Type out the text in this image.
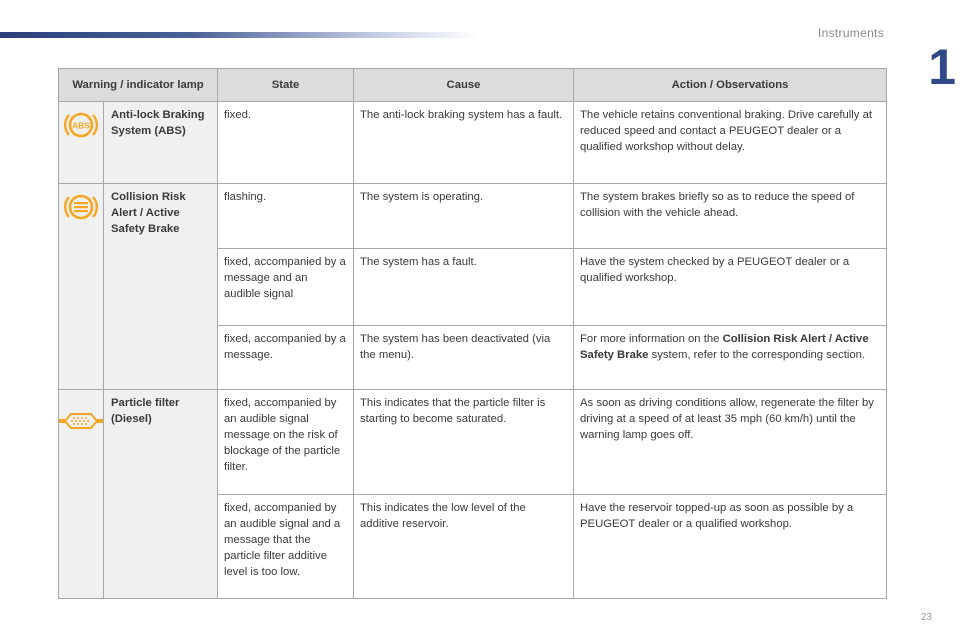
Instruments
1
Warning / indicator lamp		State	Cause	Action / Observations

ABS	Anti-lock Braking System (ABS)	fixed.	The anti-lock braking system has a fault.	The vehicle retains conventional braking. Drive carefully at reduced speed and contact a PEUGEOT dealer or a qualified workshop without delay.
	Collision Risk Alert / Active Safety Brake	flashing.	The system is operating.	The system brakes briefly so as to reduce the speed of collision with the vehicle ahead.
		fixed, accompanied by a message and an audible signal	The system has a fault.	Have the system checked by a PEUGEOT dealer or a qualified workshop.
		fixed, accompanied by a message.	The system has been deactivated (via the menu).	For more information on the Collision Risk Alert / Active Safety Brake system, refer to the corresponding section.
	Particle filter (Diesel)	fixed, accompanied by an audible signal message on the risk of blockage of the particle filter.	This indicates that the particle filter is starting to become saturated.	As soon as driving conditions allow, regenerate the filter by driving at a speed of at least 35 mph (60 km/h) until the warning lamp goes off.
		fixed, accompanied by an audible signal and a message that the particle filter additive level is too low.	This indicates the low level of the additive reservoir.	Have the reservoir topped-up as soon as possible by a PEUGEOT dealer or a qualified workshop.
23
